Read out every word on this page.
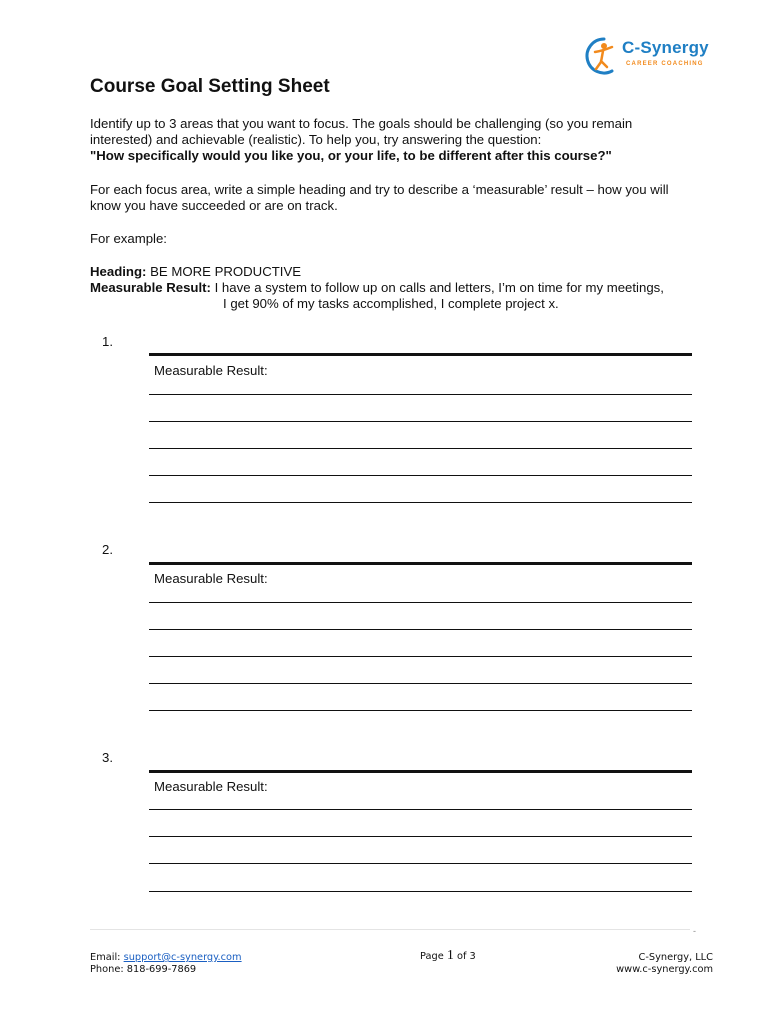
C-Synergy
CAREER COACHING
Course Goal Setting Sheet
Identify up to 3 areas that you want to focus. The goals should be challenging (so you remain
interested) and achievable (realistic). To help you, try answering the question:
"How specifically would you like you, or your life, to be different after this course?"
For each focus area, write a simple heading and try to describe a ‘measurable’ result – how you will
know you have succeeded or are on track.
For example:
Heading: BE MORE PRODUCTIVE
Measurable Result: I have a system to follow up on calls and letters, I’m on time for my meetings,
I get 90% of my tasks accomplished, I complete project x.
1.
Measurable Result:
2.
Measurable Result:
3.
Measurable Result:
-
Email: support@c-synergy.com
Phone: 818-699-7869
Page 1 of 3	C-Synergy, LLC
www.c-synergy.com
